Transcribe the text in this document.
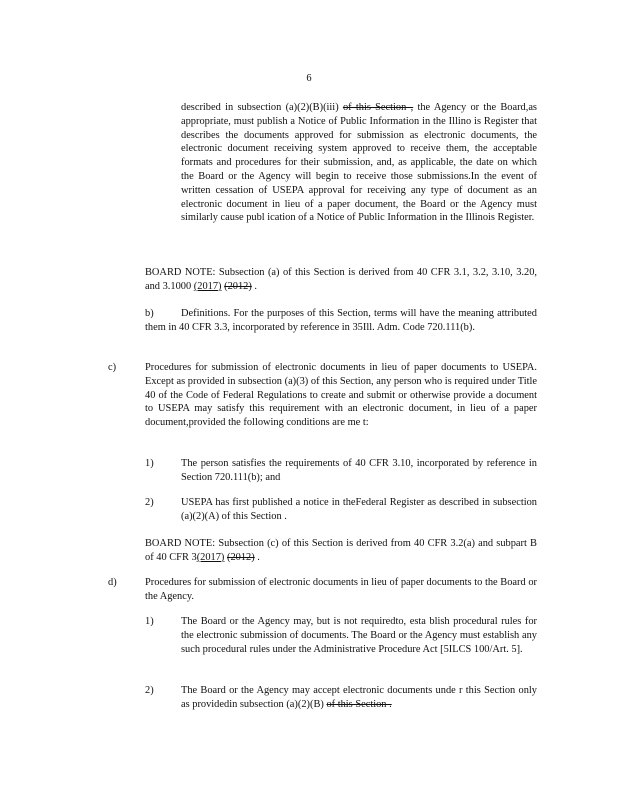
6
described in subsection (a)(2)(B)(iii) of this Section , the Agency or the Board,as appropriate, must publish a Notice of Public Information in the Illino is Register that describes the documents approved for submission as electronic documents, the electronic document receiving system approved to receive them, the acceptable formats and procedures for their submission, and, as applicable, the date on which the Board or the Agency will begin to receive those submissions.In the event of written cessation of USEPA approval for receiving any type of document as an electronic document in lieu of a paper document, the Board or the Agency must similarly cause publ ication of a Notice of Public Information in the Illinois Register.
BOARD NOTE: Subsection (a) of this Section is derived from 40 CFR 3.1, 3.2, 3.10, 3.20, and 3.1000 (2017) (2012) .
b)	Definitions. For the purposes of this Section, terms will have the meaning attributed them in 40 CFR 3.3, incorporated by reference in 35Ill. Adm. Code 720.111(b).
c)	Procedures for submission of electronic documents in lieu of paper documents to USEPA. Except as provided in subsection (a)(3) of this Section, any person who is required under Title 40 of the Code of Federal Regulations to create and submit or otherwise provide a document to USEPA may satisfy this requirement with an electronic document, in lieu of a paper document,provided the following conditions are me t:
1)	The person satisfies the requirements of 40 CFR 3.10, incorporated by reference in Section 720.111(b); and
2)	USEPA has first published a notice in theFederal Register as described in subsection (a)(2)(A) of this Section .
BOARD NOTE: Subsection (c) of this Section is derived from 40 CFR 3.2(a) and subpart B of 40 CFR 3(2017) (2012) .
d)	Procedures for submission of electronic documents in lieu of paper documents to the Board or the Agency.
1)	The Board or the Agency may, but is not requiredto, esta blish procedural rules for the electronic submission of documents. The Board or the Agency must establish any such procedural rules under the Administrative Procedure Act [5ILCS 100/Art. 5].
2)	The Board or the Agency may accept electronic documents unde r this Section only as providedin subsection (a)(2)(B) of this Section .
